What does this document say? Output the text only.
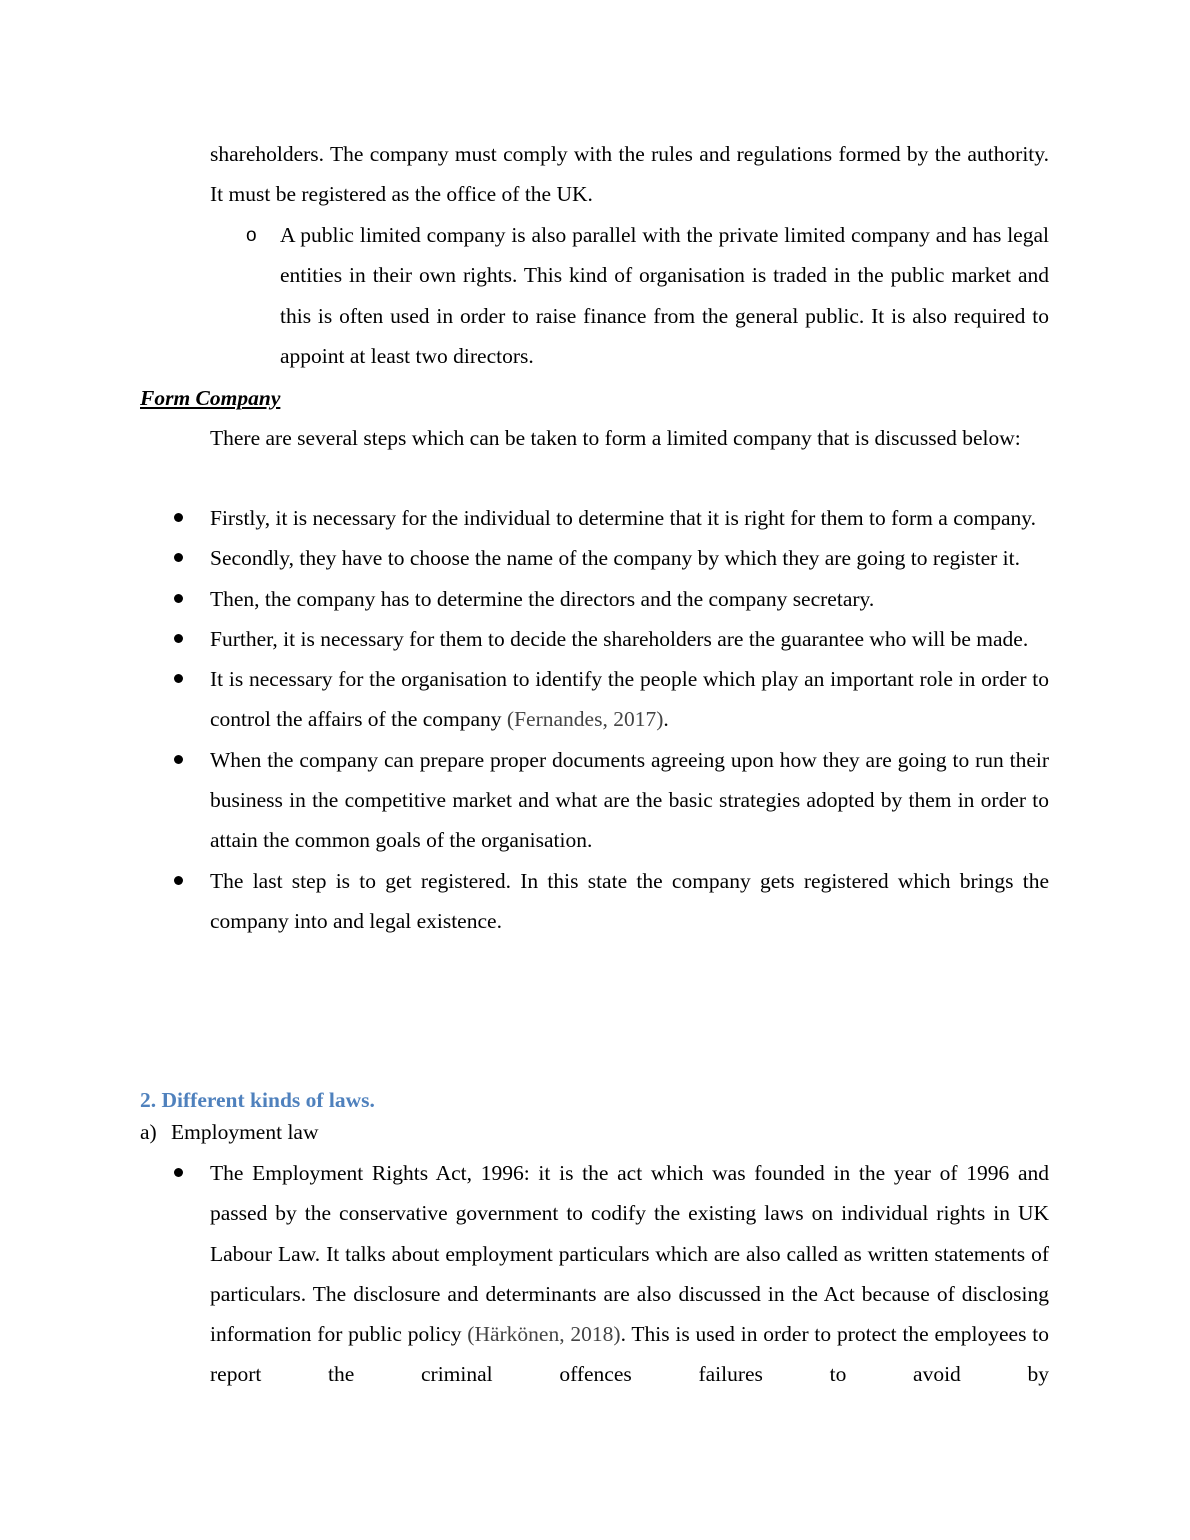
shareholders. The company must comply with the rules and regulations formed by the authority. It must be registered as the office of the UK.

o A public limited company is also parallel with the private limited company and has legal entities in their own rights. This kind of organisation is traded in the public market and this is often used in order to raise finance from the general public. It is also required to appoint at least two directors.

Form Company

There are several steps which can be taken to form a limited company that is discussed below:

Firstly, it is necessary for the individual to determine that it is right for them to form a company.
Secondly, they have to choose the name of the company by which they are going to register it.
Then, the company has to determine the directors and the company secretary.
Further, it is necessary for them to decide the shareholders are the guarantee who will be made.
It is necessary for the organisation to identify the people which play an important role in order to control the affairs of the company (Fernandes, 2017).
When the company can prepare proper documents agreeing upon how they are going to run their business in the competitive market and what are the basic strategies adopted by them in order to attain the common goals of the organisation.
The last step is to get registered. In this state the company gets registered which brings the company into and legal existence.
2. Different kinds of laws.

a) Employment law

The Employment Rights Act, 1996: it is the act which was founded in the year of 1996 and passed by the conservative government to codify the existing laws on individual rights in UK Labour Law. It talks about employment particulars which are also called as written statements of particulars. The disclosure and determinants are also discussed in the Act because of disclosing information for public policy (Härkönen, 2018). This is used in order to protect the employees to report the criminal offences failures to avoid by
